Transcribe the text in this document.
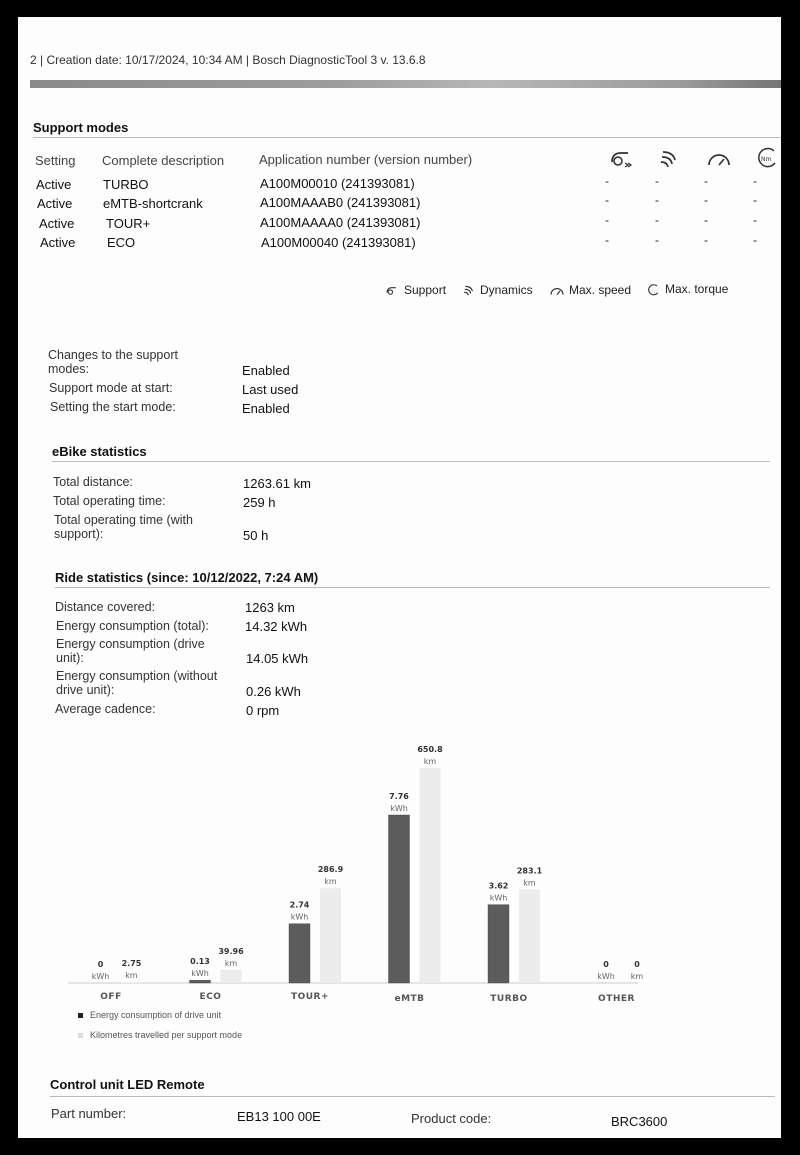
2 | Creation date: 10/17/2024, 10:34 AM | Bosch DiagnosticTool 3 v. 13.6.8
Support modes
Setting Complete description	Application number (version number)	Nm
Active TURBO	A100M00010 (241393081)	-	-	-	-
Active eMTB-shortcrank	A100MAAAB0 (241393081)	-	-	-	-
Active TOUR+	A100MAAAA0 (241393081)	-	-	-	-
Active ECO	A100M00040 (241393081)	-	-	-	-
Support	Dynamics	Max. speed	Max. torque
Changes to the support modes:	Enabled
Support mode at start:	Last used
Setting the start mode:	Enabled
eBike statistics
Total distance:	1263.61 km
Total operating time:	259 h
Total operating time (with support):	50 h
Ride statistics (since: 10/12/2022, 7:24 AM)
Distance covered:	1263 km
Energy consumption (total):	14.32 kWh
Energy consumption (drive unit):	14.05 kWh
Energy consumption (without drive unit):	0.26 kWh
Average cadence:	0 rpm
0
kWh
2.75
km
OFF
0.13
kWh
39.96
km
ECO
2.74
kWh
286.9
km
TOUR+
7.76
kWh
650.8
km
eMTB
3.62
kWh
283.1
km
TURBO
0
kWh
0
km
OTHER
Energy consumption of drive unit
Kilometres travelled per support mode
Control unit LED Remote
Part number:	EB13 100 00E	Product code:	BRC3600
